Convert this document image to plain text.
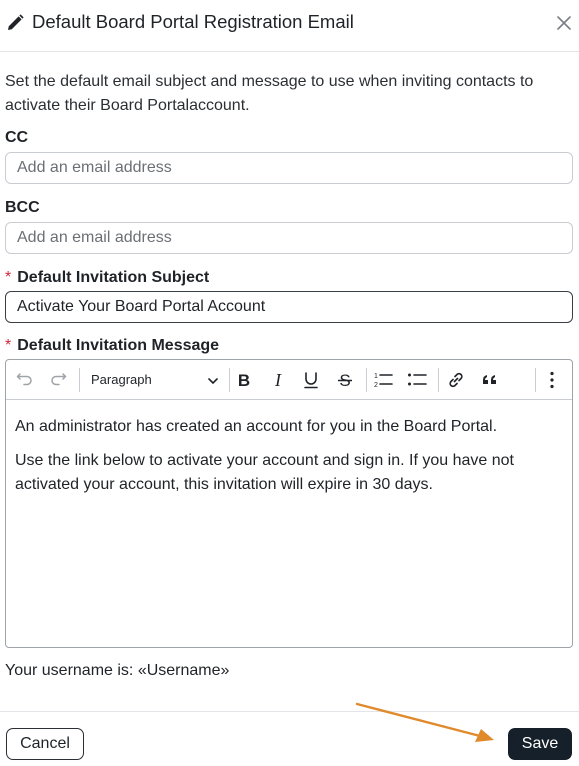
Default Board Portal Registration Email
Set the default email subject and message to use when inviting contacts to activate their Board Portalaccount.
CC
Add an email address
BCC
Add an email address
* Default Invitation Subject
Activate Your Board Portal Account
* Default Invitation Message
Paragraph	B I	S	1
2

An administrator has created an account for you in the Board Portal.

Use the link below to activate your account and sign in. If you have not activated your account, this invitation will expire in 30 days.

Your username is: «Username»
Cancel	Save
